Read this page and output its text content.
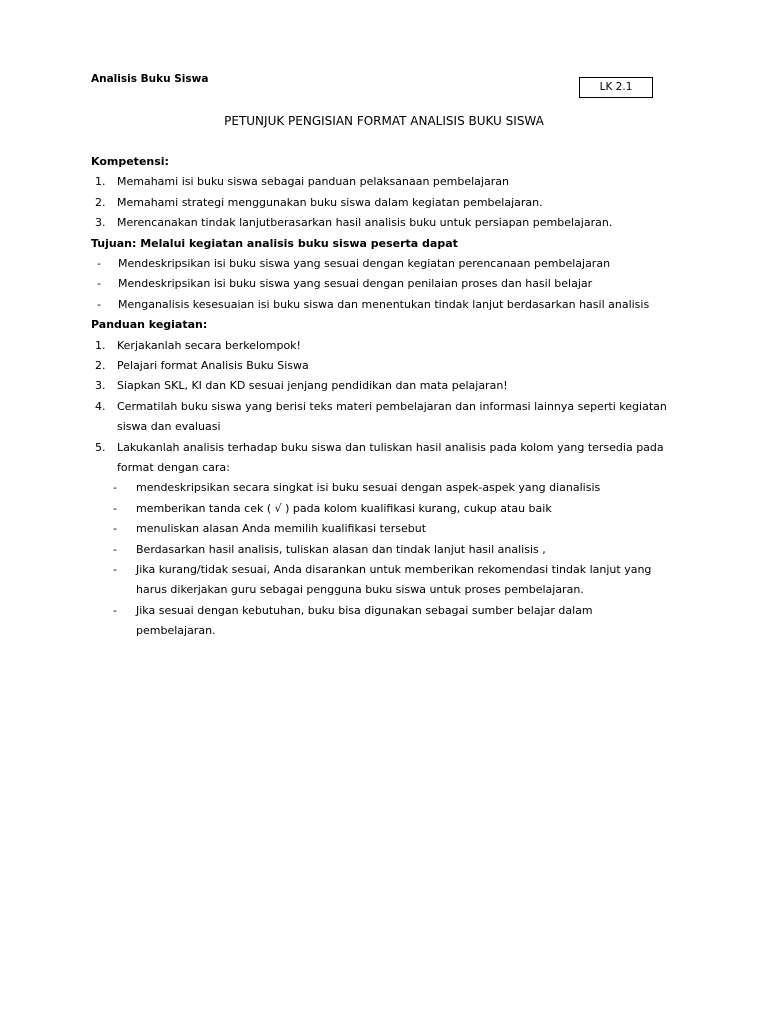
Analisis Buku Siswa
LK 2.1
PETUNJUK PENGISIAN FORMAT ANALISIS BUKU SISWA
Kompetensi:
1. Memahami isi buku siswa sebagai panduan pelaksanaan pembelajaran
2. Memahami strategi menggunakan buku siswa dalam kegiatan pembelajaran.
3. Merencanakan tindak lanjutberasarkan hasil analisis buku untuk persiapan pembelajaran.
Tujuan: Melalui kegiatan analisis buku siswa peserta dapat
- Mendeskripsikan isi buku siswa yang sesuai dengan kegiatan perencanaan pembelajaran
- Mendeskripsikan isi buku siswa yang sesuai dengan penilaian proses dan hasil belajar
- Menganalisis kesesuaian isi buku siswa dan menentukan tindak lanjut berdasarkan hasil analisis
Panduan kegiatan:
1. Kerjakanlah secara berkelompok!
2. Pelajari format Analisis Buku Siswa
3. Siapkan SKL, KI dan KD sesuai jenjang pendidikan dan mata pelajaran!
4. Cermatilah buku siswa yang berisi teks materi pembelajaran dan informasi lainnya seperti kegiatan siswa dan evaluasi
5. Lakukanlah analisis terhadap buku siswa dan tuliskan hasil analisis pada kolom yang tersedia pada format dengan cara:
- mendeskripsikan secara singkat isi buku sesuai dengan aspek-aspek yang dianalisis
- memberikan tanda cek ( √ ) pada kolom kualifikasi kurang, cukup atau baik
- menuliskan alasan Anda memilih kualifikasi tersebut
- Berdasarkan hasil analisis, tuliskan alasan dan tindak lanjut hasil analisis ,
- Jika kurang/tidak sesuai, Anda disarankan untuk memberikan rekomendasi tindak lanjut yang harus dikerjakan guru sebagai pengguna buku siswa untuk proses pembelajaran.
- Jika sesuai dengan kebutuhan, buku bisa digunakan sebagai sumber belajar dalam pembelajaran.
